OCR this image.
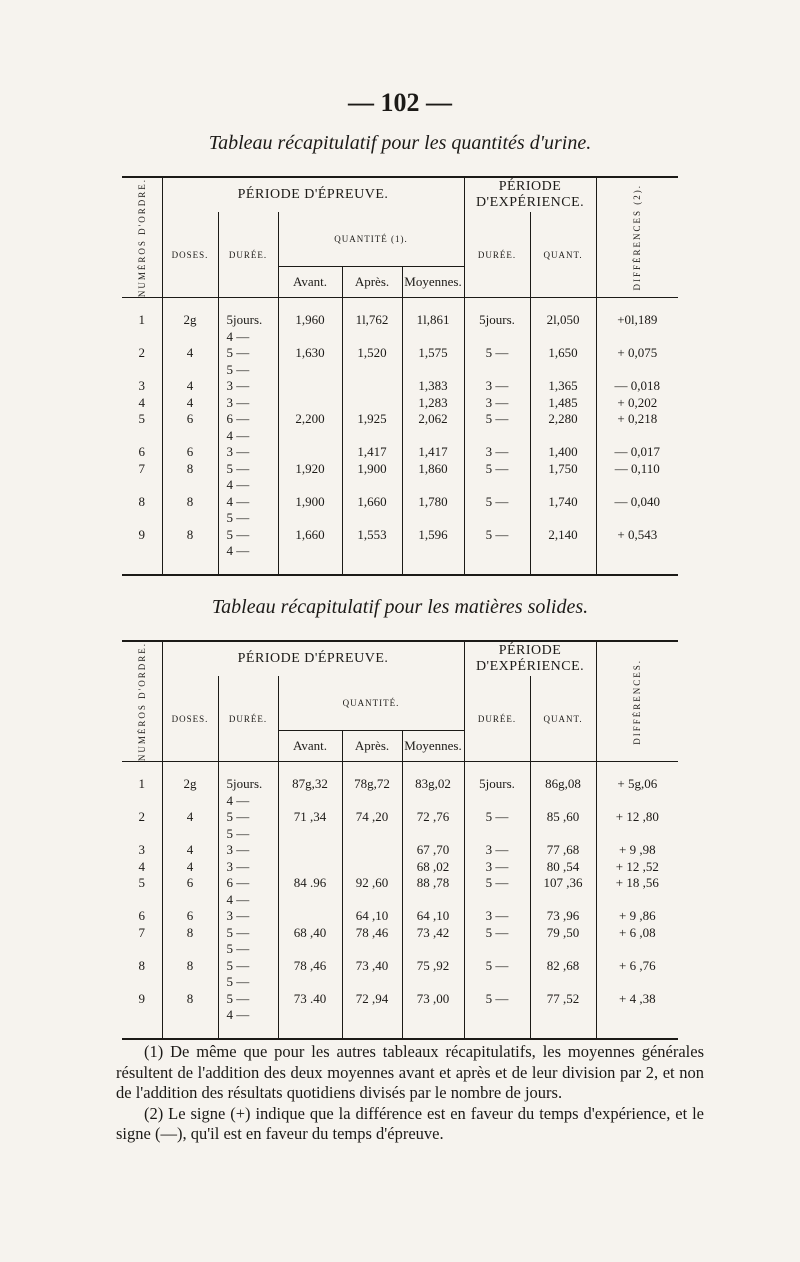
— 102 —
Tableau récapitulatif pour les quantités d'urine.
NUMÉROS D'ORDRE.	PÉRIODE D'ÉPREUVE.					PÉRIODE D'EXPÉRIENCE.		DIFFÉRENCES (2).

	DOSES.	DURÉE.	QUANTITÉ (1).			DURÉE.	QUANT.	
			Avant.	Après.	Moyennes.			

1	2g	5jours.	1,960	1l,762	1l,861	5jours.	2l,050	+0l,189
		4 —						
2	4	5 —	1,630	1,520	1,575	5 —	1,650	+ 0,075
		5 —						
3	4	3 —			1,383	3 —	1,365	— 0,018
4	4	3 —			1,283	3 —	1,485	+ 0,202
5	6	6 —	2,200	1,925	2,062	5 —	2,280	+ 0,218
		4 —						
6	6	3 —		1,417	1,417	3 —	1,400	— 0,017
7	8	5 —	1,920	1,900	1,860	5 —	1,750	— 0,110
		4 —						
8	8	4 —	1,900	1,660	1,780	5 —	1,740	— 0,040
		5 —						
9	8	5 —	1,660	1,553	1,596	5 —	2,140	+ 0,543
		4 —						

Tableau récapitulatif pour les matières solides.
NUMÉROS D'ORDRE.	PÉRIODE D'ÉPREUVE.					PÉRIODE D'EXPÉRIENCE.		DIFFÉRENCES.

	DOSES.	DURÉE.	QUANTITÉ.			DURÉE.	QUANT.	
			Avant.	Après.	Moyennes.			

1	2g	5jours.	87g,32	78g,72	83g,02	5jours.	86g,08	+ 5g,06
		4 —						
2	4	5 —	71 ,34	74 ,20	72 ,76	5 —	85 ,60	+ 12 ,80
		5 —						
3	4	3 —			67 ,70	3 —	77 ,68	+ 9 ,98
4	4	3 —			68 ,02	3 —	80 ,54	+ 12 ,52
5	6	6 —	84 .96	92 ,60	88 ,78	5 —	107 ,36	+ 18 ,56
		4 —						
6	6	3 —		64 ,10	64 ,10	3 —	73 ,96	+ 9 ,86
7	8	5 —	68 ,40	78 ,46	73 ,42	5 —	79 ,50	+ 6 ,08
		5 —						
8	8	5 —	78 ,46	73 ,40	75 ,92	5 —	82 ,68	+ 6 ,76
		5 —						
9	8	5 —	73 .40	72 ,94	73 ,00	5 —	77 ,52	+ 4 ,38
		4 —						

(1) De même que pour les autres tableaux récapitulatifs, les moyennes générales résultent de l'addition des deux moyennes avant et après et de leur division par 2, et non de l'addition des résultats quotidiens divisés par le nombre de jours.

(2) Le signe (+) indique que la différence est en faveur du temps d'expérience, et le signe (—), qu'il est en faveur du temps d'épreuve.
